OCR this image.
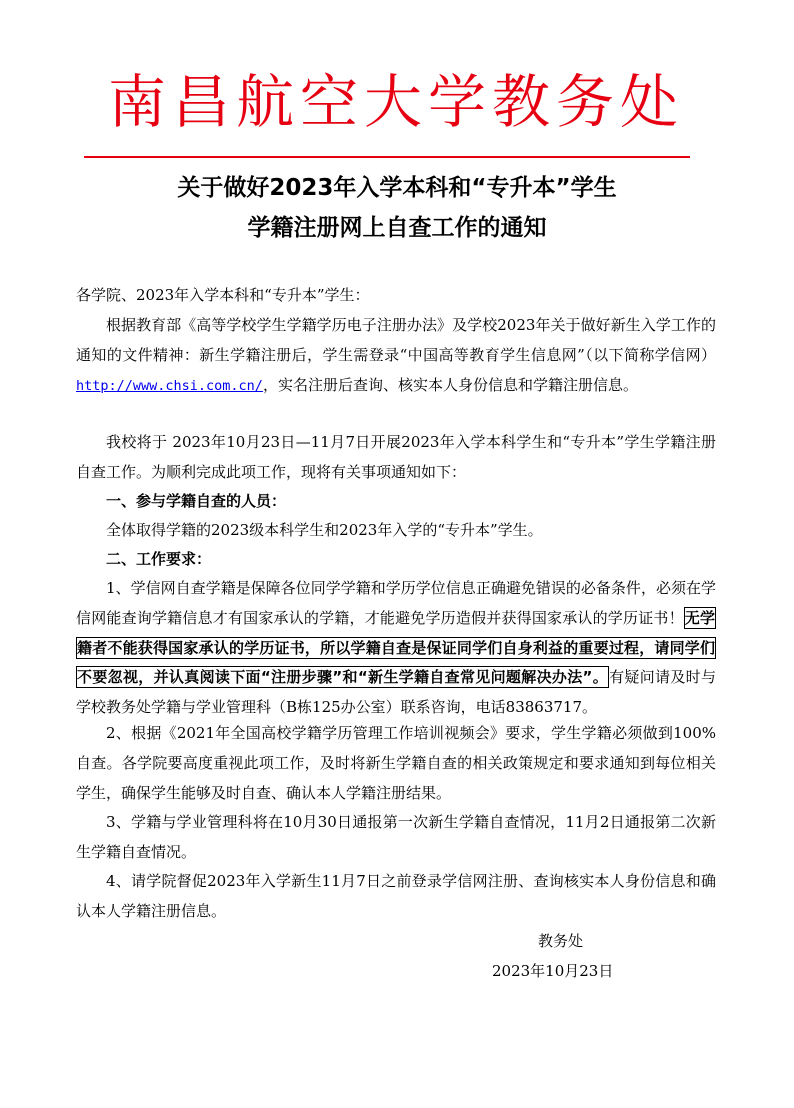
南昌航空大学教务处
关于做好2023年入学本科和“专升本”学生
学籍注册网上自查工作的通知
各学院、2023年入学本科和“专升本”学生：
根据教育部《高等学校学生学籍学历电子注册办法》及学校2023年关于做好新生入学工作的通知的文件精神：新生学籍注册后，学生需登录“中国高等教育学生信息网”（以下简称学信网） http://www.chsi.com.cn/，实名注册后查询、核实本人身份信息和学籍注册信息。
我校将于 2023年10月23日—11月7日开展2023年入学本科学生和“专升本”学生学籍注册自查工作。为顺利完成此项工作，现将有关事项通知如下：
一、参与学籍自查的人员：
全体取得学籍的2023级本科学生和2023年入学的“专升本”学生。
二、工作要求：
1、学信网自查学籍是保障各位同学学籍和学历学位信息正确避免错误的必备条件，必须在学信网能查询学籍信息才有国家承认的学籍，才能避免学历造假并获得国家承认的学历证书！无学籍者不能获得国家承认的学历证书，所以学籍自查是保证同学们自身利益的重要过程，请同学们不要忽视，并认真阅读下面“注册步骤”和“新生学籍自查常见问题解决办法”。有疑问请及时与学校教务处学籍与学业管理科（B栋125办公室）联系咨询，电话83863717。
2、根据《2021年全国高校学籍学历管理工作培训视频会》要求，学生学籍必须做到100%自查。各学院要高度重视此项工作，及时将新生学籍自查的相关政策规定和要求通知到每位相关学生，确保学生能够及时自查、确认本人学籍注册结果。
3、学籍与学业管理科将在10月30日通报第一次新生学籍自查情况，11月2日通报第二次新生学籍自查情况。
4、请学院督促2023年入学新生11月7日之前登录学信网注册、查询核实本人身份信息和确认本人学籍注册信息。
教务处
2023年10月23日
